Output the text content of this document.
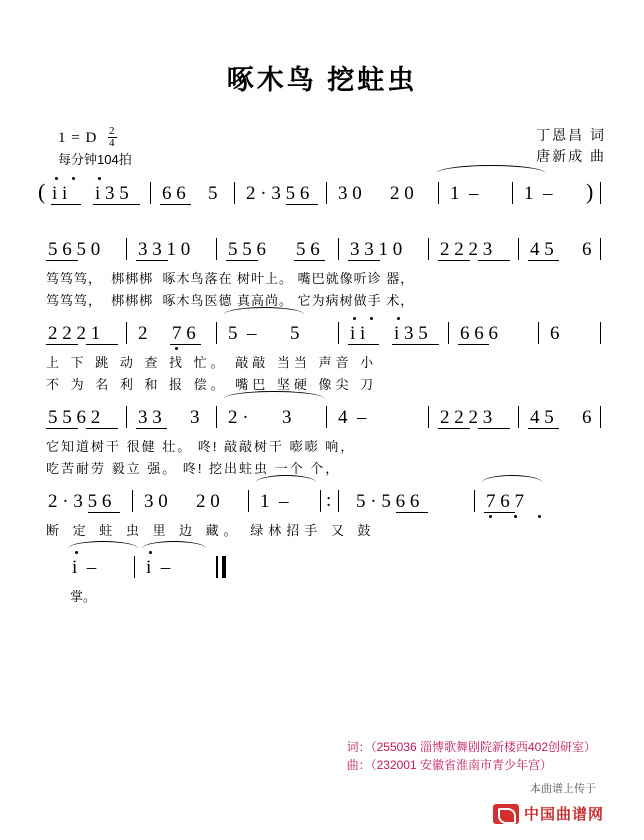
啄木鸟 挖蛀虫
1 = D $\frac{2}{4}$
每分钟104拍
丁恩昌 词
唐新成 曲
( i i i 3 5 6 6 5 2 · 3 5 6 3 0 2 0 1  – 1  – )
5 6 5 0 3 3 1 0 5 5 6 5 6 3 3 1 0 2 2 2 3 4 5 6
笃笃笃，  梆梆梆  啄木鸟落在 树叶上。 嘴巴就像听诊 器，
笃笃笃，  梆梆梆  啄木鸟医德 真高尚。 它为病树做手 术，
2 2 2 1 2 7 6 5  – 5	i i i 3 5 6 6 6	6
上 下 跳 动 查 找 忙。 敲敲 当当 声音 小
不 为 名 利 和 报 偿。 嘴巴 坚硬 像尖 刀
5 5 6 2 3 3 3 2 · 3 4  –	2 2 2 3 4 5 6
它知道树干 很健 壮。 咚! 敲敲树干 嘭嘭 响，
吃苦耐劳 毅立 强。 咚! 挖出蛀虫 一个 个，
2 · 3 5 6 3 0 2 0 1  – : 5 · 5 6 6	7 6 7
断 定 蛀 虫 里 边 藏。 绿林招手 又 鼓
i  –	i  –
掌。
词：（255036 淄博歌舞剧院新楼西402创研室）
曲：（232001 安徽省淮南市青少年宫）
本曲谱上传于
中国曲谱网
